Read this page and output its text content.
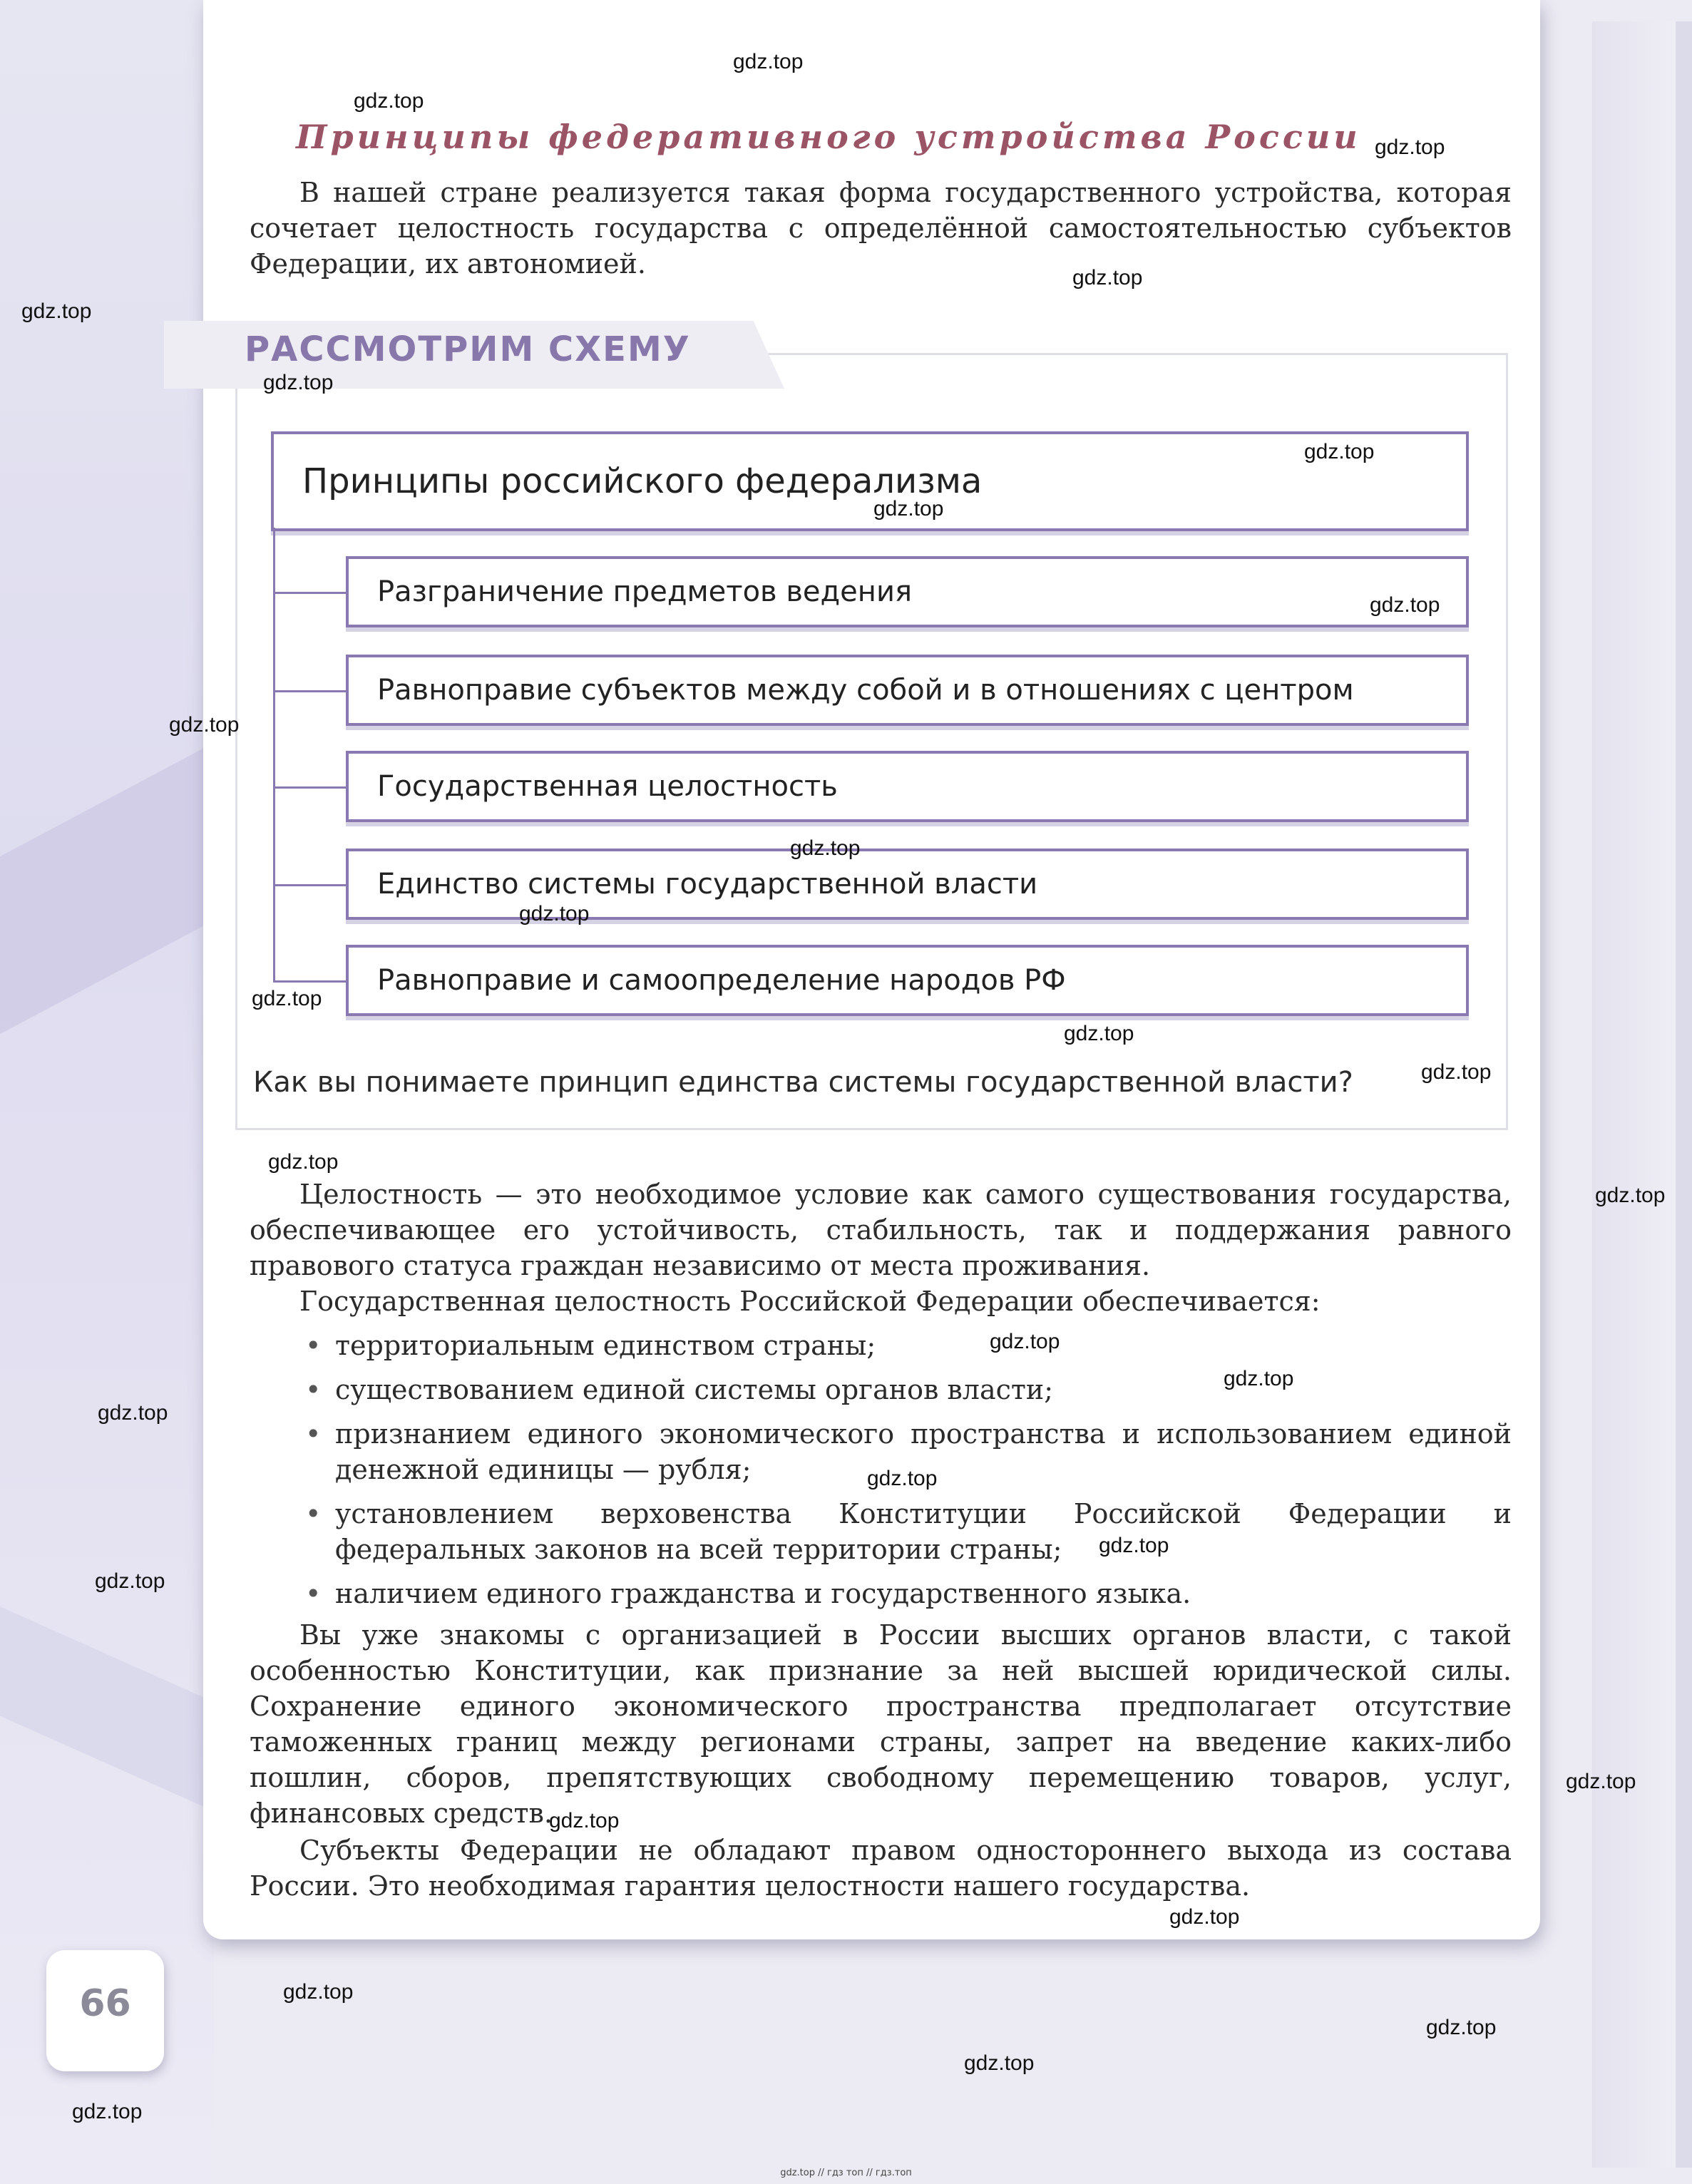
Принципы федеративного устройства России

В нашей стране реализуется такая форма государственного устройства, которая сочетает целостность государства с определённой самостоятельностью субъектов Федерации, их автономией.

РАССМОТРИМ СХЕМУ
Принципы российского федерализма
Разграничение предметов ведения
Равноправие субъектов между собой и в отношениях с центром
Государственная целостность
Единство системы государственной власти
Равноправие и самоопределение народов РФ
Как вы понимаете принцип единства системы государственной власти?

Целостность — это необходимое условие как самого существования государства, обеспечивающее его устойчивость, стабильность, так и поддержания равного правового статуса граждан независимо от места проживания.

Государственная целостность Российской Федерации обеспечивается:

• территориальным единством страны;
• существованием единой системы органов власти;
• признанием единого экономического пространства и использованием единой денежной единицы — рубля;
• установлением верховенства Конституции Российской Федерации и федеральных законов на всей территории страны;
• наличием единого гражданства и государственного языка.

Вы уже знакомы с организацией в России высших органов власти, с такой особенностью Конституции, как признание за ней высшей юридической силы. Сохранение единого экономического пространства предполагает отсутствие таможенных границ между регионами страны, запрет на введение каких-либо пошлин, сборов, препятствующих свободному перемещению товаров, услуг, финансовых средств.

Субъекты Федерации не обладают правом одностороннего выхода из состава России. Это необходимая гарантия целостности нашего государства.

66
gdz.top
gdz.top
gdz.top
gdz.top
gdz.top
gdz.top
gdz.top
gdz.top
gdz.top
gdz.top
gdz.top
gdz.top
gdz.top
gdz.top
gdz.top
gdz.top
gdz.top
gdz.top
gdz.top
gdz.top
gdz.top
gdz.top
gdz.top
gdz.top
gdz.top
gdz.top
gdz.top
gdz.top
gdz.top
gdz.top
gdz.top // гдз топ // гдз.топ
